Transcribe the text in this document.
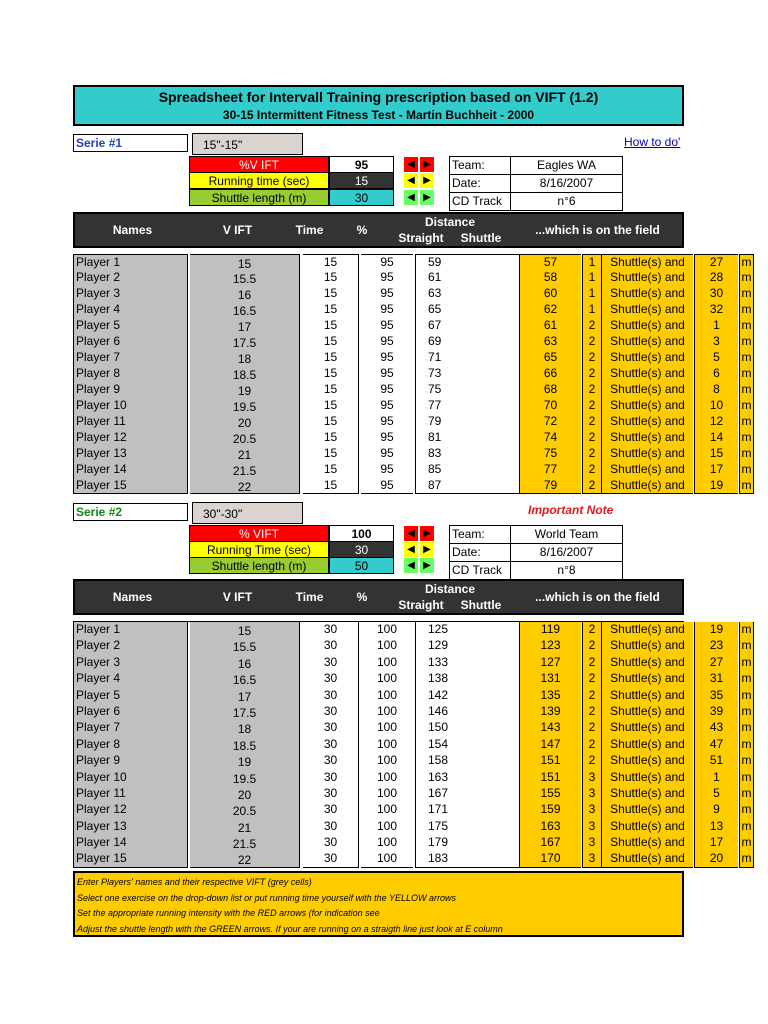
Spreadsheet for Intervall Training prescription based on VIFT (1.2)
30-15 Intermittent Fitness Test - Martin Buchheit - 2000
Serie #1	15"-15"	How to do'
%V IFT	95
Running time (sec)	15
Shuttle length (m)	30
◀ ▶
◀ ▶
◀ ▶
Team:	Eagles WA
Date:	8/16/2007
CD Track	n°6
Names	V IFT	Time	%
Distance
Straight	Shuttle
...which is on the field
Player 1	15	15	95	59	57	1	Shuttle(s) and	27	m
Player 2	15.5	15	95	61	58	1	Shuttle(s) and	28	m
Player 3	16	15	95	63	60	1	Shuttle(s) and	30	m
Player 4	16.5	15	95	65	62	1	Shuttle(s) and	32	m
Player 5	17	15	95	67	61	2	Shuttle(s) and	1	m
Player 6	17.5	15	95	69	63	2	Shuttle(s) and	3	m
Player 7	18	15	95	71	65	2	Shuttle(s) and	5	m
Player 8	18.5	15	95	73	66	2	Shuttle(s) and	6	m
Player 9	19	15	95	75	68	2	Shuttle(s) and	8	m
Player 10	19.5	15	95	77	70	2	Shuttle(s) and	10	m
Player 11	20	15	95	79	72	2	Shuttle(s) and	12	m
Player 12	20.5	15	95	81	74	2	Shuttle(s) and	14	m
Player 13	21	15	95	83	75	2	Shuttle(s) and	15	m
Player 14	21.5	15	95	85	77	2	Shuttle(s) and	17	m
Player 15	22	15	95	87	79	2	Shuttle(s) and	19	m
Serie #2	30"-30"	Important Note
% VIFT	100
Running Time (sec)	30
Shuttle length (m)	50
◀ ▶
◀ ▶
◀ ▶
Team:	World Team
Date:	8/16/2007
CD Track	n°8
Names	V IFT	Time	%
Distance
Straight	Shuttle
...which is on the field
Player 1	15	30	100	125	119	2	Shuttle(s) and	19	m
Player 2	15.5	30	100	129	123	2	Shuttle(s) and	23	m
Player 3	16	30	100	133	127	2	Shuttle(s) and	27	m
Player 4	16.5	30	100	138	131	2	Shuttle(s) and	31	m
Player 5	17	30	100	142	135	2	Shuttle(s) and	35	m
Player 6	17.5	30	100	146	139	2	Shuttle(s) and	39	m
Player 7	18	30	100	150	143	2	Shuttle(s) and	43	m
Player 8	18.5	30	100	154	147	2	Shuttle(s) and	47	m
Player 9	19	30	100	158	151	2	Shuttle(s) and	51	m
Player 10	19.5	30	100	163	151	3	Shuttle(s) and	1	m
Player 11	20	30	100	167	155	3	Shuttle(s) and	5	m
Player 12	20.5	30	100	171	159	3	Shuttle(s) and	9	m
Player 13	21	30	100	175	163	3	Shuttle(s) and	13	m
Player 14	21.5	30	100	179	167	3	Shuttle(s) and	17	m
Player 15	22	30	100	183	170	3	Shuttle(s) and	20	m
Enter Players' names and their respective VIFT (grey cells)
Select one exercise on the drop-down list or put running time yourself with the YELLOW arrows
Set the appropriate running intensity with the RED arrows (for indication see
Adjust the shuttle length with the GREEN arrows. If your are running on a straigth line just look at E column
